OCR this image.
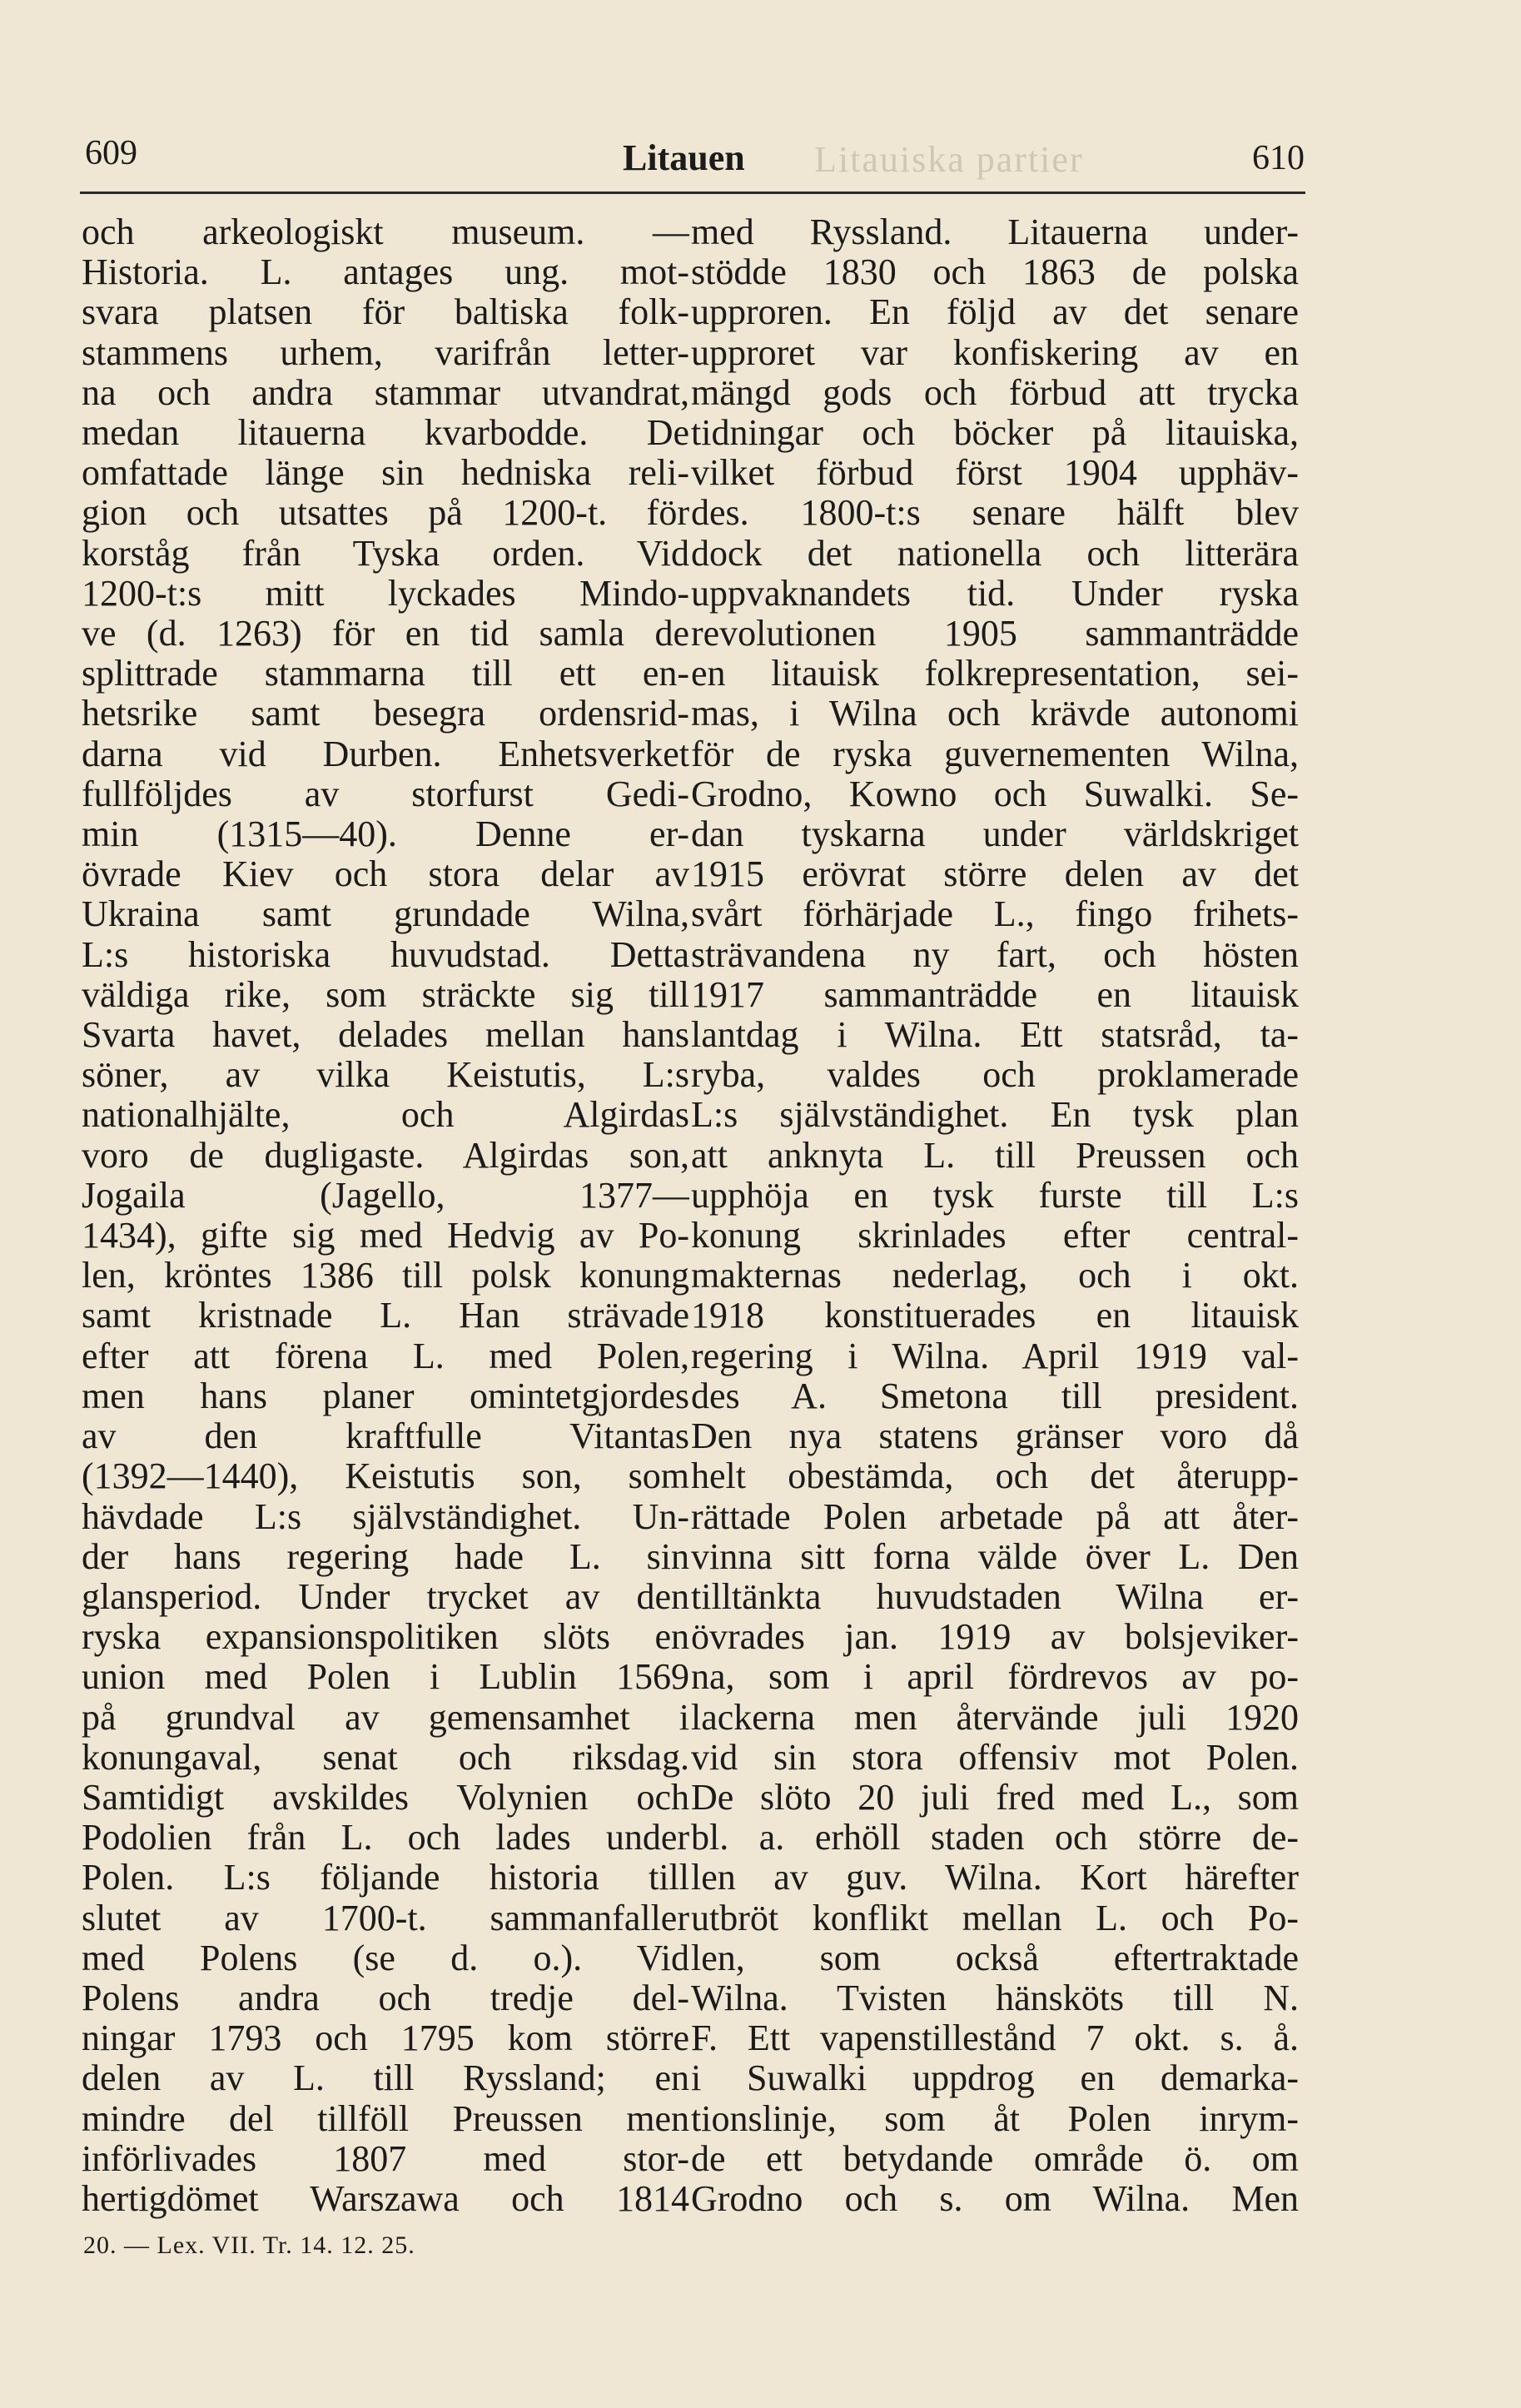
609	Litauen Litauiska partier	610
och arkeologiskt museum. —
Historia. L. antages ung. mot-
svara platsen för baltiska folk-
stammens urhem, varifrån letter-
na och andra stammar utvandrat,
medan litauerna kvarbodde. De
omfattade länge sin hedniska reli-
gion och utsattes på 1200-t. för
korståg från Tyska orden. Vid
1200-t:s mitt lyckades Mindo-
ve (d. 1263) för en tid samla de
splittrade stammarna till ett en-
hetsrike samt besegra ordensrid-
darna vid Durben. Enhetsverket
fullföljdes av storfurst Gedi-
min (1315—40). Denne er-
övrade Kiev och stora delar av
Ukraina samt grundade Wilna,
L:s historiska huvudstad. Detta
väldiga rike, som sträckte sig till
Svarta havet, delades mellan hans
söner, av vilka Keistutis, L:s
nationalhjälte, och Algirdas
voro de dugligaste. Algirdas son,
Jogaila (Jagello, 1377—
1434), gifte sig med Hedvig av Po-
len, kröntes 1386 till polsk konung
samt kristnade L. Han strävade
efter att förena L. med Polen,
men hans planer omintetgjordes
av den kraftfulle Vitantas
(1392—1440), Keistutis son, som
hävdade L:s självständighet. Un-
der hans regering hade L. sin
glansperiod. Under trycket av den
ryska expansionspolitiken slöts en
union med Polen i Lublin 1569
på grundval av gemensamhet i
konungaval, senat och riksdag.
Samtidigt avskildes Volynien och
Podolien från L. och lades under
Polen. L:s följande historia till
slutet av 1700-t. sammanfaller
med Polens (se d. o.). Vid
Polens andra och tredje del-
ningar 1793 och 1795 kom större
delen av L. till Ryssland; en
mindre del tillföll Preussen men
införlivades 1807 med stor-
hertigdömet Warszawa och 1814
med Ryssland. Litauerna under-
stödde 1830 och 1863 de polska
upproren. En följd av det senare
upproret var konfiskering av en
mängd gods och förbud att trycka
tidningar och böcker på litauiska,
vilket förbud först 1904 upphäv-
des. 1800-t:s senare hälft blev
dock det nationella och litterära
uppvaknandets tid. Under ryska
revolutionen 1905 sammanträdde
en litauisk folkrepresentation, sei-
mas, i Wilna och krävde autonomi
för de ryska guvernementen Wilna,
Grodno, Kowno och Suwalki. Se-
dan tyskarna under världskriget
1915 erövrat större delen av det
svårt förhärjade L., fingo frihets-
strävandena ny fart, och hösten
1917 sammanträdde en litauisk
lantdag i Wilna. Ett statsråd, ta-
ryba, valdes och proklamerade
L:s självständighet. En tysk plan
att anknyta L. till Preussen och
upphöja en tysk furste till L:s
konung skrinlades efter central-
makternas nederlag, och i okt.
1918 konstituerades en litauisk
regering i Wilna. April 1919 val-
des A. Smetona till president.
Den nya statens gränser voro då
helt obestämda, och det återupp-
rättade Polen arbetade på att åter-
vinna sitt forna välde över L. Den
tilltänkta huvudstaden Wilna er-
övrades jan. 1919 av bolsjeviker-
na, som i april fördrevos av po-
lackerna men återvände juli 1920
vid sin stora offensiv mot Polen.
De slöto 20 juli fred med L., som
bl. a. erhöll staden och större de-
len av guv. Wilna. Kort härefter
utbröt konflikt mellan L. och Po-
len, som också eftertraktade
Wilna. Tvisten hänsköts till N.
F. Ett vapenstillestånd 7 okt. s. å.
i Suwalki uppdrog en demarka-
tionslinje, som åt Polen inrym-
de ett betydande område ö. om
Grodno och s. om Wilna. Men
20. — Lex. VII. Tr. 14. 12. 25.
